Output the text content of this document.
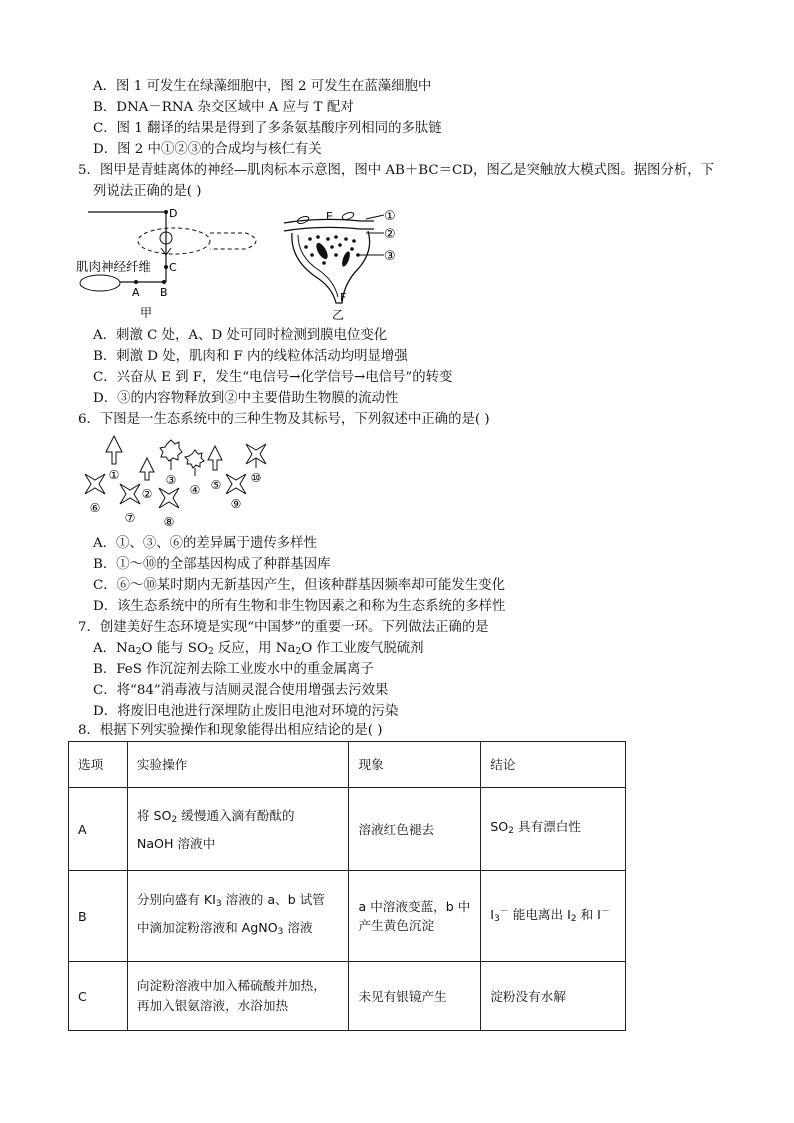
A．图 1 可发生在绿藻细胞中，图 2 可发生在蓝藻细胞中
B．DNA－RNA 杂交区域中 A 应与 T 配对
C．图 1 翻译的结果是得到了多条氨基酸序列相同的多肽链
D．图 2 中①②③的合成均与核仁有关
5．图甲是青蛙离体的神经—肌肉标本示意图，图中 AB＋BC＝CD，图乙是突触放大模式图。据图分析，下
列说法正确的是( )
D
C
肌肉神经纤维
A B
甲
E	①
②
③
F
乙
A．刺激 C 处，A、D 处可同时检测到膜电位变化
B．刺激 D 处，肌肉和 F 内的线粒体活动均明显增强
C．兴奋从 E 到 F，发生“电信号→化学信号→电信号”的转变
D．③的内容物释放到②中主要借助生物膜的流动性
6．下图是一生态系统中的三种生物及其标号，下列叙述中正确的是( )
①
②
③
④ ⑤ ⑩
⑨
⑥
⑦ ⑧
A．①、③、⑥的差异属于遗传多样性
B．①～⑩的全部基因构成了种群基因库
C．⑥～⑩某时期内无新基因产生，但该种群基因频率却可能发生变化
D．该生态系统中的所有生物和非生物因素之和称为生态系统的多样性
7．创建美好生态环境是实现“中国梦”的重要一环。下列做法正确的是
A．$Na_2O$ 能与 $SO_2$ 反应，用 $Na_2O$ 作工业废气脱硫剂
B．FeS 作沉淀剂去除工业废水中的重金属离子
C．将“84”消毒液与洁厕灵混合使用增强去污效果
D．将废旧电池进行深埋防止废旧电池对环境的污染
8．根据下列实验操作和现象能得出相应结论的是( )
选项	实验操作	现象	结论
A	将 $SO_2$ 缓慢通入滴有酚酞的
NaOH 溶液中	溶液红色褪去	$SO_2$ 具有漂白性
B	分别向盛有 $KI_3$ 溶液的 a、b 试管
中滴加淀粉溶液和 AgNO$_3$ 溶液	a 中溶液变蓝，b 中
产生黄色沉淀	$I_3^-$ 能电离出 $I_2$ 和 I－
C	向淀粉溶液中加入稀硫酸并加热，
再加入银氨溶液，水浴加热	未见有银镜产生	淀粉没有水解
